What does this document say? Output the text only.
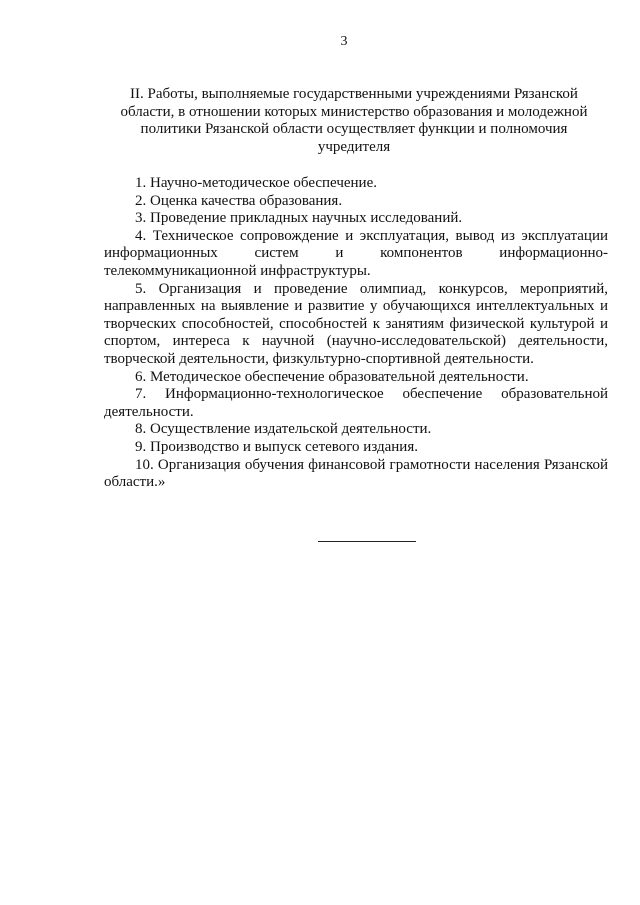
3
II. Работы, выполняемые государственными учреждениями Рязанской области, в отношении которых министерство образования и молодежной политики Рязанской области осуществляет функции и полномочия учредителя

1. Научно-методическое обеспечение.

2. Оценка качества образования.

3. Проведение прикладных научных исследований.

4. Техническое сопровождение и эксплуатация, вывод из эксплуатации информационных систем и компонентов информационно-телекоммуникационной инфраструктуры.

5. Организация и проведение олимпиад, конкурсов, мероприятий, направленных на выявление и развитие у обучающихся интеллектуальных и творческих способностей, способностей к занятиям физической культурой и спортом, интереса к научной (научно-исследовательской) деятельности, творческой деятельности, физкультурно-спортивной деятельности.

6. Методическое обеспечение образовательной деятельности.

7. Информационно-технологическое обеспечение образовательной деятельности.

8. Осуществление издательской деятельности.

9. Производство и выпуск сетевого издания.

10. Организация обучения финансовой грамотности населения Рязанской области.»
